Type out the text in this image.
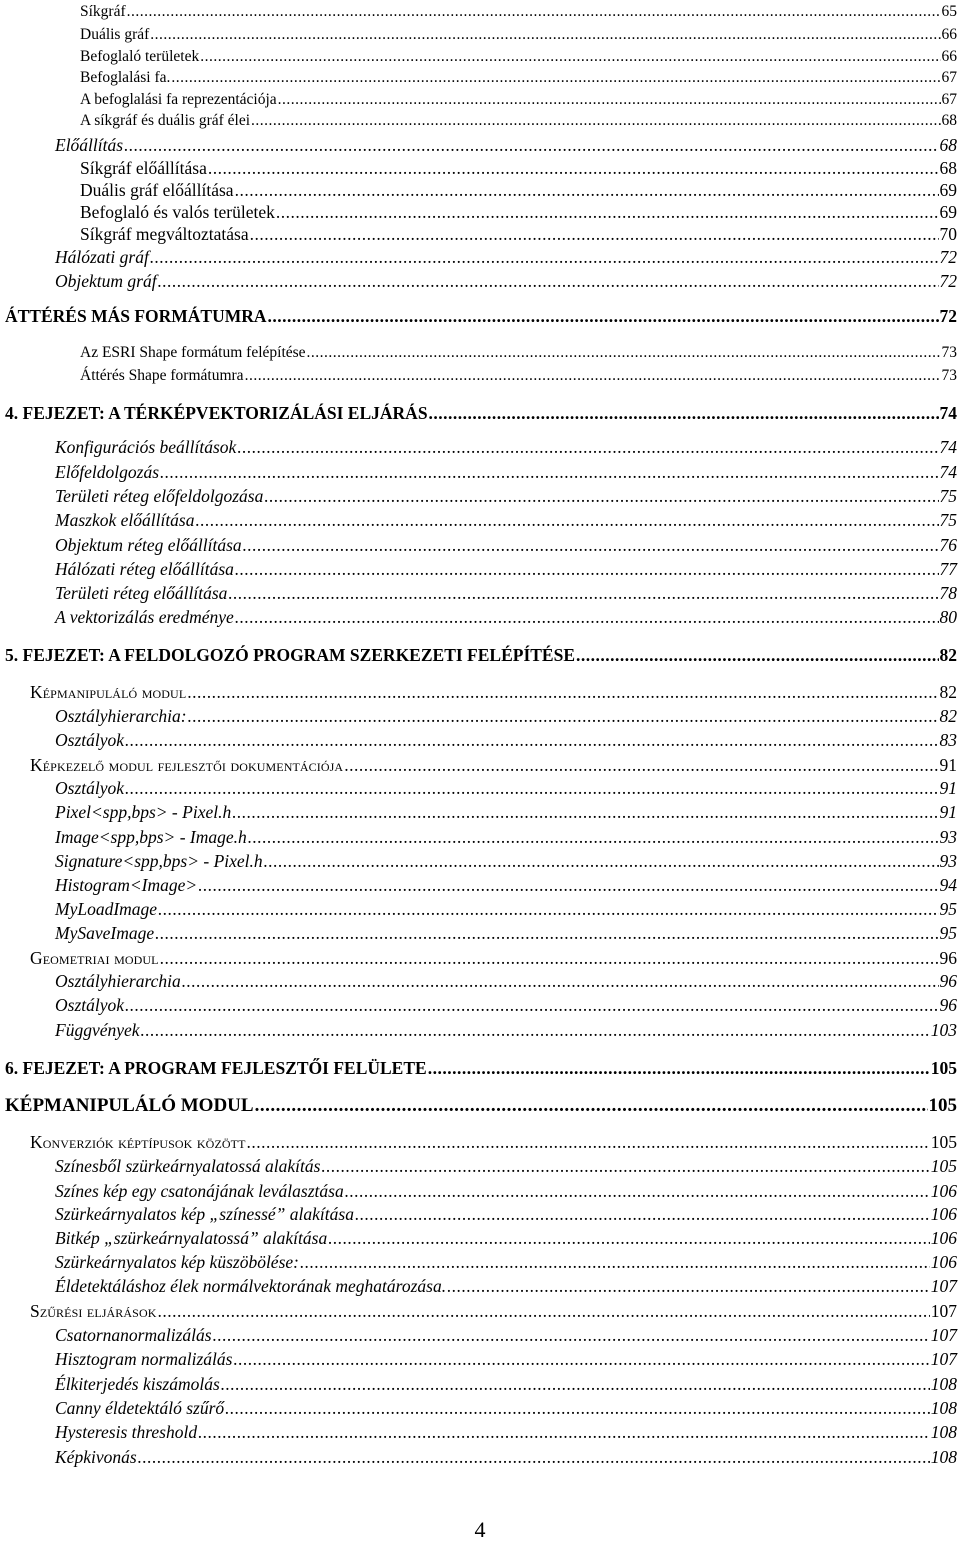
Síkgráf .....	65
Duális gráf .....	66
Befoglaló területek .....	66
Befoglalási fa. .....	67
A befoglalási fa reprezentációja .....	67
A síkgráf és duális gráf élei .....	68
Előállítás .....	68
Síkgráf előállítása .....	68
Duális gráf előállítása .....	69
Befoglaló és valós területek .....	69
Síkgráf megváltoztatása .....	70
Hálózati gráf .....	72
Objektum gráf .....	72
ÁTTÉRÉS MÁS FORMÁTUMRA .....	72
Az ESRI Shape formátum felépítése .....	73
Áttérés Shape formátumra .....	73
4. FEJEZET: A TÉRKÉPVEKTORIZÁLÁSI ELJÁRÁS .....	74
Konfigurációs beállítások .....	74
Előfeldolgozás .....	74
Területi réteg előfeldolgozása .....	75
Maszkok előállítása .....	75
Objektum réteg előállítása .....	76
Hálózati réteg előállítása .....	77
Területi réteg előállítása .....	78
A vektorizálás eredménye .....	80
5. FEJEZET: A FELDOLGOZÓ PROGRAM SZERKEZETI FELÉPÍTÉSE .....	82
Képmanipuláló modul .....	82
Osztályhierarchia: .....	82
Osztályok .....	83
Képkezelő modul fejlesztői dokumentációja .....	91
Osztályok .....	91
Pixel<spp,bps> - Pixel.h .....	91
Image<spp,bps> - Image.h .....	93
Signature<spp,bps> - Pixel.h .....	93
Histogram<Image> .....	94
MyLoadImage .....	95
MySaveImage .....	95
Geometriai modul .....	96
Osztályhierarchia .....	96
Osztályok .....	96
Függvények .....	103
6. FEJEZET: A PROGRAM FEJLESZTŐI FELÜLETE .....	105
KÉPMANIPULÁLÓ MODUL .....	105
Konverziók képtípusok között .....	105
Színesből szürkeárnyalatossá alakítás .....	105
Színes kép egy csatonájának leválasztása .....	106
Szürkeárnyalatos kép „színessé” alakítása .....	106
Bitkép „szürkeárnyalatossá” alakítása .....	106
Szürkeárnyalatos kép küszöbölése: .....	106
Éldetektáláshoz élek normálvektorának meghatározása. .....	107
Szűrési eljárások .....	107
Csatornanormalizálás .....	107
Hisztogram normalizálás .....	107
Élkiterjedés kiszámolás .....	108
Canny éldetektáló szűrő .....	108
Hysteresis threshold .....	108
Képkivonás .....	108
4
